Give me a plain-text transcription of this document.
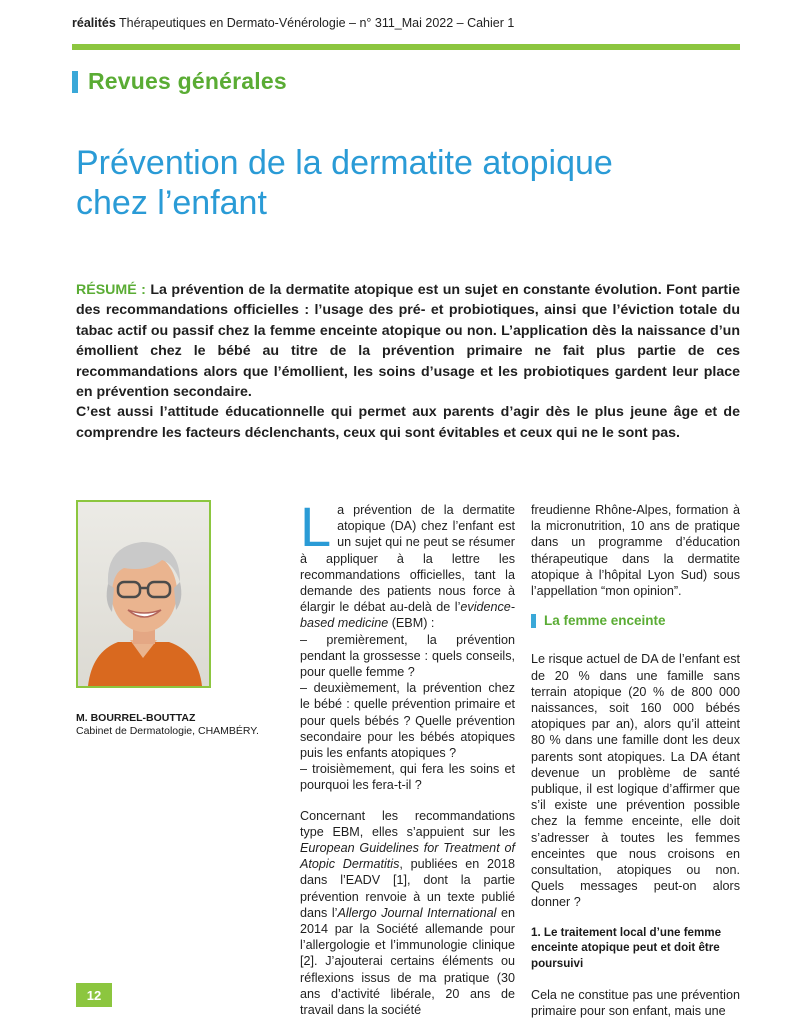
réalités Thérapeutiques en Dermato-Vénérologie – n° 311_Mai 2022 – Cahier 1
Revues générales
Prévention de la dermatite atopique
chez l’enfant

RÉSUMÉ : La prévention de la dermatite atopique est un sujet en constante évolution. Font partie des recommandations officielles : l’usage des pré- et probiotiques, ainsi que l’éviction totale du tabac actif ou passif chez la femme enceinte atopique ou non. L’application dès la naissance d’un émollient chez le bébé au titre de la prévention primaire ne fait plus partie de ces recommandations alors que l’émollient, les soins d’usage et les probiotiques gardent leur place en prévention secondaire.

C’est aussi l’attitude éducationnelle qui permet aux parents d’agir dès le plus jeune âge et de comprendre les facteurs déclenchants, ceux qui sont évitables et ceux qui ne le sont pas.

M. BOURREL-BOUTTAZ
Cabinet de Dermatologie, CHAMBÉRY.

La prévention de la dermatite atopique (DA) chez l’enfant est un sujet qui ne peut se résumer à appliquer à la lettre les recommandations officielles, tant la demande des patients nous force à élargir le débat au-delà de l’evidence-based medicine (EBM) :
– premièrement, la prévention pendant la grossesse : quels conseils, pour quelle femme ?
– deuxièmement, la prévention chez le bébé : quelle prévention primaire et pour quels bébés ? Quelle prévention secondaire pour les bébés atopiques puis les enfants atopiques ?
– troisièmement, qui fera les soins et pourquoi les fera-t-il ?

Concernant les recommandations type EBM, elles s’appuient sur les European Guidelines for Treatment of Atopic Dermatitis, publiées en 2018 dans l’EADV [1], dont la partie prévention renvoie à un texte publié dans l’Allergo Journal International en 2014 par la Société allemande pour l’allergologie et l’immunologie clinique [2]. J’ajouterai certains éléments ou réflexions issus de ma pratique (30 ans d’activité libérale, 20 ans de travail dans la société

freudienne Rhône-Alpes, formation à la micronutrition, 10 ans de pratique dans un programme d’éducation thérapeutique dans la dermatite atopique à l’hôpital Lyon Sud) sous l’appellation “mon opinion”.

La femme enceinte

Le risque actuel de DA de l’enfant est de 20 % dans une famille sans terrain atopique (20 % de 800 000 naissances, soit 160 000 bébés atopiques par an), alors qu’il atteint 80 % dans une famille dont les deux parents sont atopiques. La DA étant devenue un problème de santé publique, il est logique d’affirmer que s’il existe une prévention possible chez la femme enceinte, elle doit s’adresser à toutes les femmes enceintes que nous croisons en consultation, atopiques ou non. Quels messages peut-on alors donner ?

1. Le traitement local d’une femme enceinte atopique peut et doit être poursuivi

Cela ne constitue pas une prévention primaire pour son enfant, mais une

12
